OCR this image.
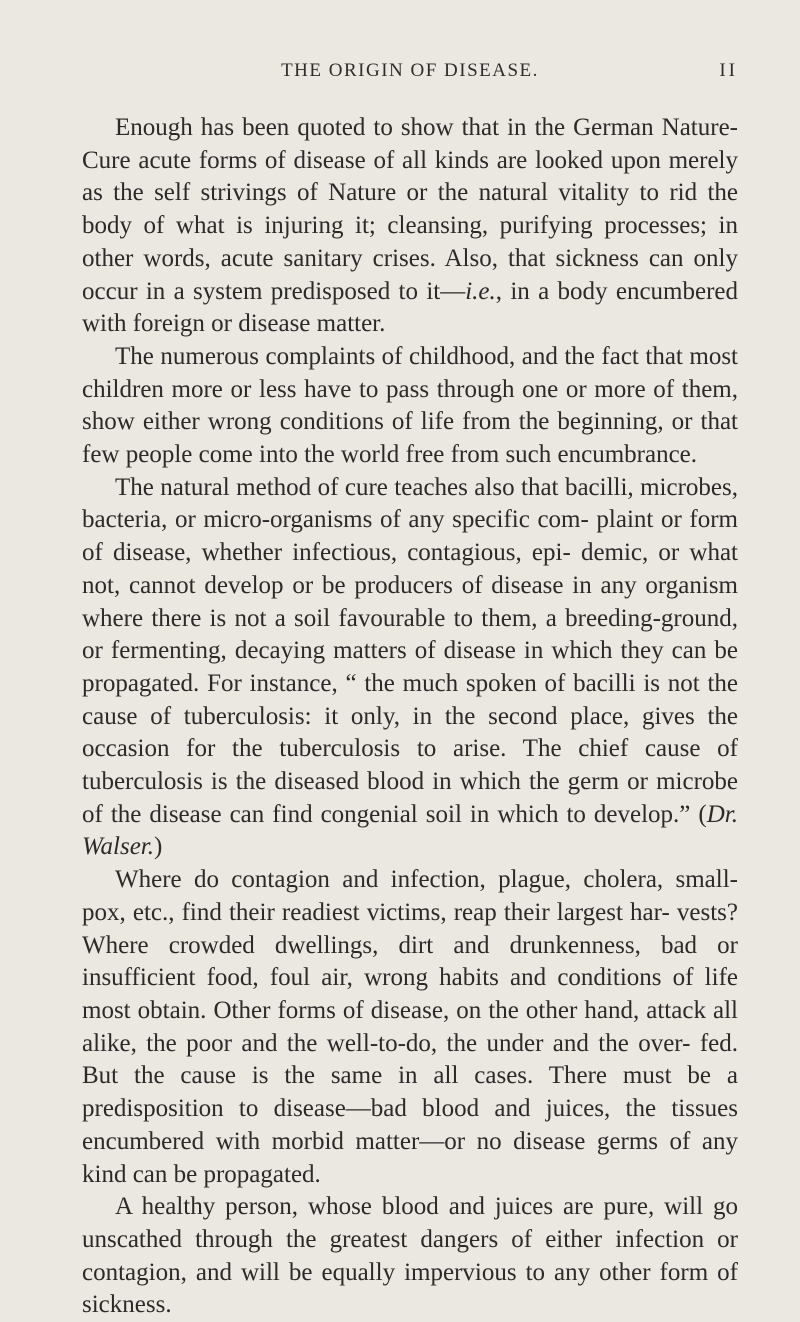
THE ORIGIN OF DISEASE.	II

Enough has been quoted to show that in the German Nature-Cure acute forms of disease of all kinds are looked upon merely as the self strivings of Nature or the natural vitality to rid the body of what is injuring it; cleansing, purifying processes; in other words, acute sanitary crises. Also, that sickness can only occur in a system predisposed to it—i.e., in a body encumbered with foreign or disease matter.

The numerous complaints of childhood, and the fact that most children more or less have to pass through one or more of them, show either wrong conditions of life from the beginning, or that few people come into the world free from such encumbrance.

The natural method of cure teaches also that bacilli, microbes, bacteria, or micro-organisms of any specific com- plaint or form of disease, whether infectious, contagious, epi- demic, or what not, cannot develop or be producers of disease in any organism where there is not a soil favourable to them, a breeding-ground, or fermenting, decaying matters of disease in which they can be propagated. For instance, “ the much spoken of bacilli is not the cause of tuberculosis: it only, in the second place, gives the occasion for the tuberculosis to arise. The chief cause of tuberculosis is the diseased blood in which the germ or microbe of the disease can find congenial soil in which to develop.” (Dr. Walser.)

Where do contagion and infection, plague, cholera, small- pox, etc., find their readiest victims, reap their largest har- vests? Where crowded dwellings, dirt and drunkenness, bad or insufficient food, foul air, wrong habits and conditions of life most obtain. Other forms of disease, on the other hand, attack all alike, the poor and the well-to-do, the under and the over- fed. But the cause is the same in all cases. There must be a predisposition to disease—bad blood and juices, the tissues encumbered with morbid matter—or no disease germs of any kind can be propagated.

A healthy person, whose blood and juices are pure, will go unscathed through the greatest dangers of either infection or contagion, and will be equally impervious to any other form of sickness.
